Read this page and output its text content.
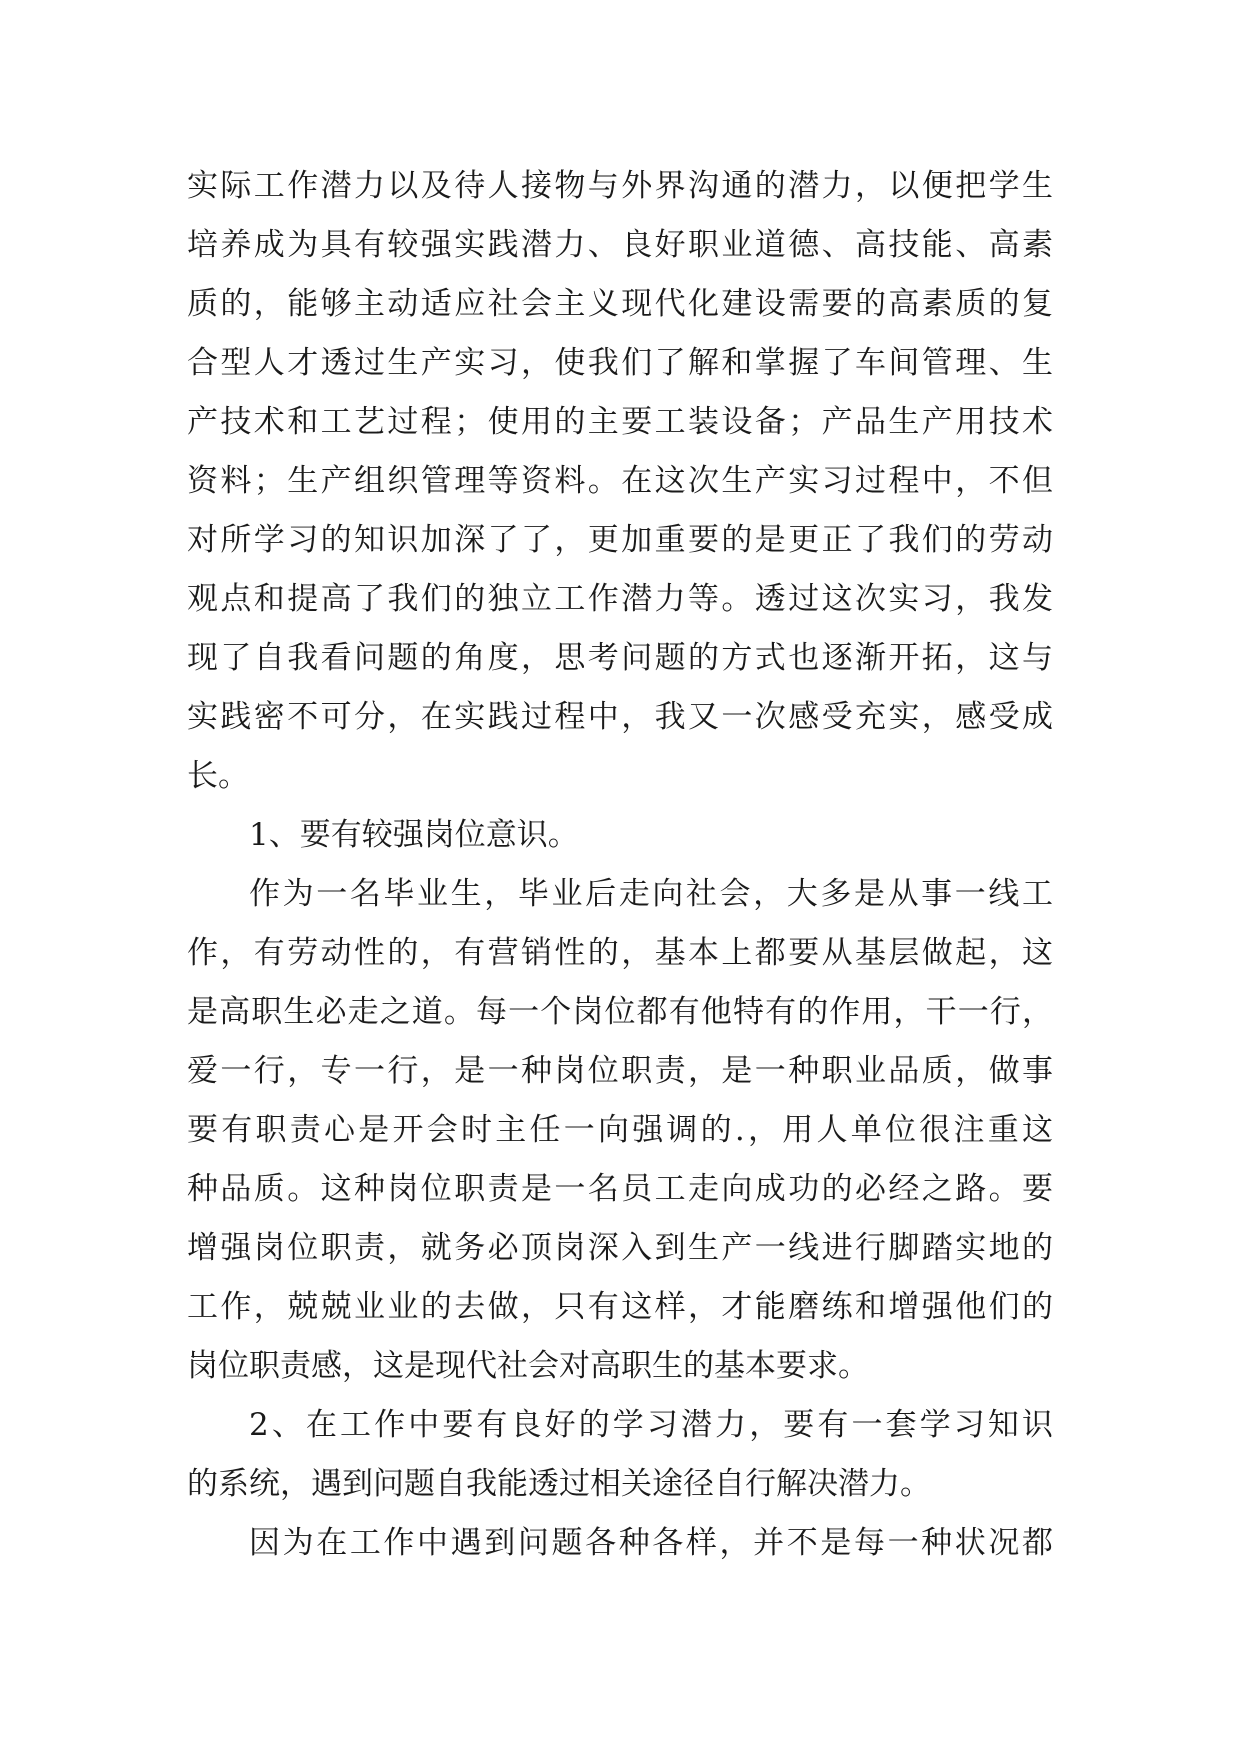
实际工作潜力以及待人接物与外界沟通的潜力，以便把学生
培养成为具有较强实践潜力、良好职业道德、高技能、高素
质的，能够主动适应社会主义现代化建设需要的高素质的复
合型人才透过生产实习，使我们了解和掌握了车间管理、生
产技术和工艺过程；使用的主要工装设备；产品生产用技术
资料；生产组织管理等资料。在这次生产实习过程中，不但
对所学习的知识加深了了，更加重要的是更正了我们的劳动
观点和提高了我们的独立工作潜力等。透过这次实习，我发
现了自我看问题的角度，思考问题的方式也逐渐开拓，这与
实践密不可分，在实践过程中，我又一次感受充实，感受成
长。
1、要有较强岗位意识。
作为一名毕业生，毕业后走向社会，大多是从事一线工
作，有劳动性的，有营销性的，基本上都要从基层做起，这
是高职生必走之道。每一个岗位都有他特有的作用，干一行，
爱一行，专一行，是一种岗位职责，是一种职业品质，做事
要有职责心是开会时主任一向强调的.，用人单位很注重这
种品质。这种岗位职责是一名员工走向成功的必经之路。要
增强岗位职责，就务必顶岗深入到生产一线进行脚踏实地的
工作，兢兢业业的去做，只有这样，才能磨练和增强他们的
岗位职责感，这是现代社会对高职生的基本要求。
2、在工作中要有良好的学习潜力，要有一套学习知识
的系统，遇到问题自我能透过相关途径自行解决潜力。
因为在工作中遇到问题各种各样，并不是每一种状况都
